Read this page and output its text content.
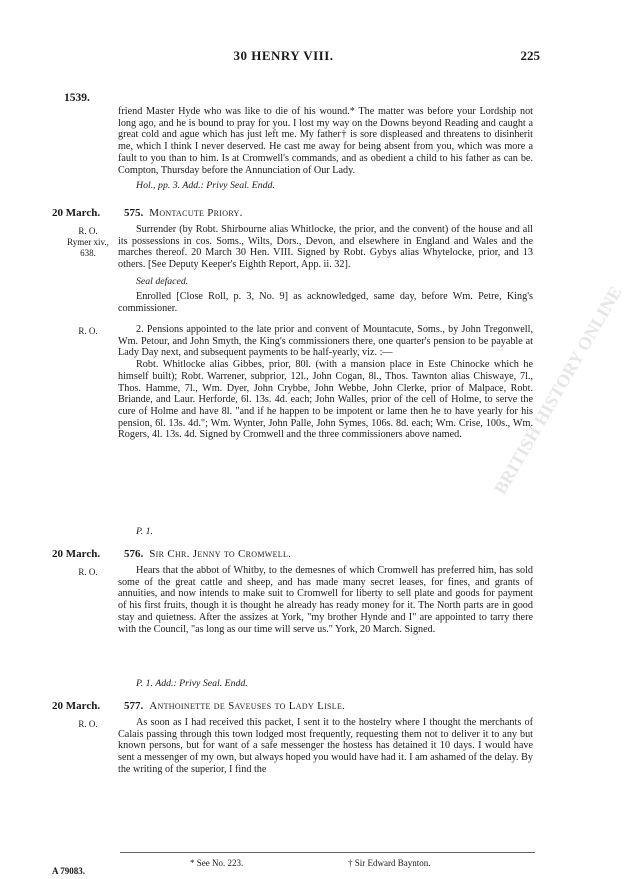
30 HENRY VIII.	225
1539.
BRITISH HISTORY ONLINE

friend Master Hyde who was like to die of his wound.* The matter was before your Lordship not long ago, and he is bound to pray for you. I lost my way on the Downs beyond Reading and caught a great cold and ague which has just left me. My father† is sore displeased and threatens to disinherit me, which I think I never deserved. He cast me away for being absent from you, which was more a fault to you than to him. Is at Cromwell's commands, and as obedient a child to his father as can be. Compton, Thursday before the Annunciation of Our Lady.

Hol., pp. 3. Add.: Privy Seal. Endd.
20 March.	575. Montacute Priory.
R. O.
Rymer xiv., 638.

Surrender (by Robt. Shirbourne alias Whitlocke, the prior, and the convent) of the house and all its possessions in cos. Soms., Wilts, Dors., Devon, and elsewhere in England and Wales and the marches thereof. 20 March 30 Hen. VIII. Signed by Robt. Gybys alias Whytelocke, prior, and 13 others. [See Deputy Keeper's Eighth Report, App. ii. 32].

Seal defaced.

Enrolled [Close Roll, p. 3, No. 9] as acknowledged, same day, before Wm. Petre, King's commissioner.

R. O.	2. Pensions appointed to the late prior and convent of Mountacute, Soms., by John Tregonwell, Wm. Petour, and John Smyth, the King's commissioners there, one quarter's pension to be payable at Lady Day next, and subsequent payments to be half-yearly, viz. :—

Robt. Whitlocke alias Gibbes, prior, 80l. (with a mansion place in Este Chinocke which he himself built); Robt. Warrener, subprior, 12l., John Cogan, 8l., Thos. Tawnton alias Chiswaye, 7l., Thos. Hamme, 7l., Wm. Dyer, John Crybbe, John Webbe, John Clerke, prior of Malpace, Robt. Briande, and Laur. Herforde, 6l. 13s. 4d. each; John Walles, prior of the cell of Holme, to serve the cure of Holme and have 8l. "and if he happen to be impotent or lame then he to have yearly for his pension, 6l. 13s. 4d."; Wm. Wynter, John Palle, John Symes, 106s. 8d. each; Wm. Crise, 100s., Wm. Rogers, 4l. 13s. 4d. Signed by Cromwell and the three commissioners above named.

P. 1.
20 March.	576. Sir Chr. Jenny to Cromwell.
R. O.	Hears that the abbot of Whitby, to the demesnes of which Cromwell has preferred him, has sold some of the great cattle and sheep, and has made many secret leases, for fines, and grants of annuities, and now intends to make suit to Cromwell for liberty to sell plate and goods for payment of his first fruits, though it is thought he already has ready money for it. The North parts are in good stay and quietness. After the assizes at York, "my brother Hynde and I" are appointed to tarry there with the Council, "as long as our time will serve us." York, 20 March. Signed.

P. 1. Add.: Privy Seal. Endd.
20 March.	577. Anthoinette de Saveuses to Lady Lisle.
R. O.	As soon as I had received this packet, I sent it to the hostelry where I thought the merchants of Calais passing through this town lodged most frequently, requesting them not to deliver it to any but known persons, but for want of a safe messenger the hostess has detained it 10 days. I would have sent a messenger of my own, but always hoped you would have had it. I am ashamed of the delay. By the writing of the superior, I find the

* See No. 223.	† Sir Edward Baynton.
A 79083.
